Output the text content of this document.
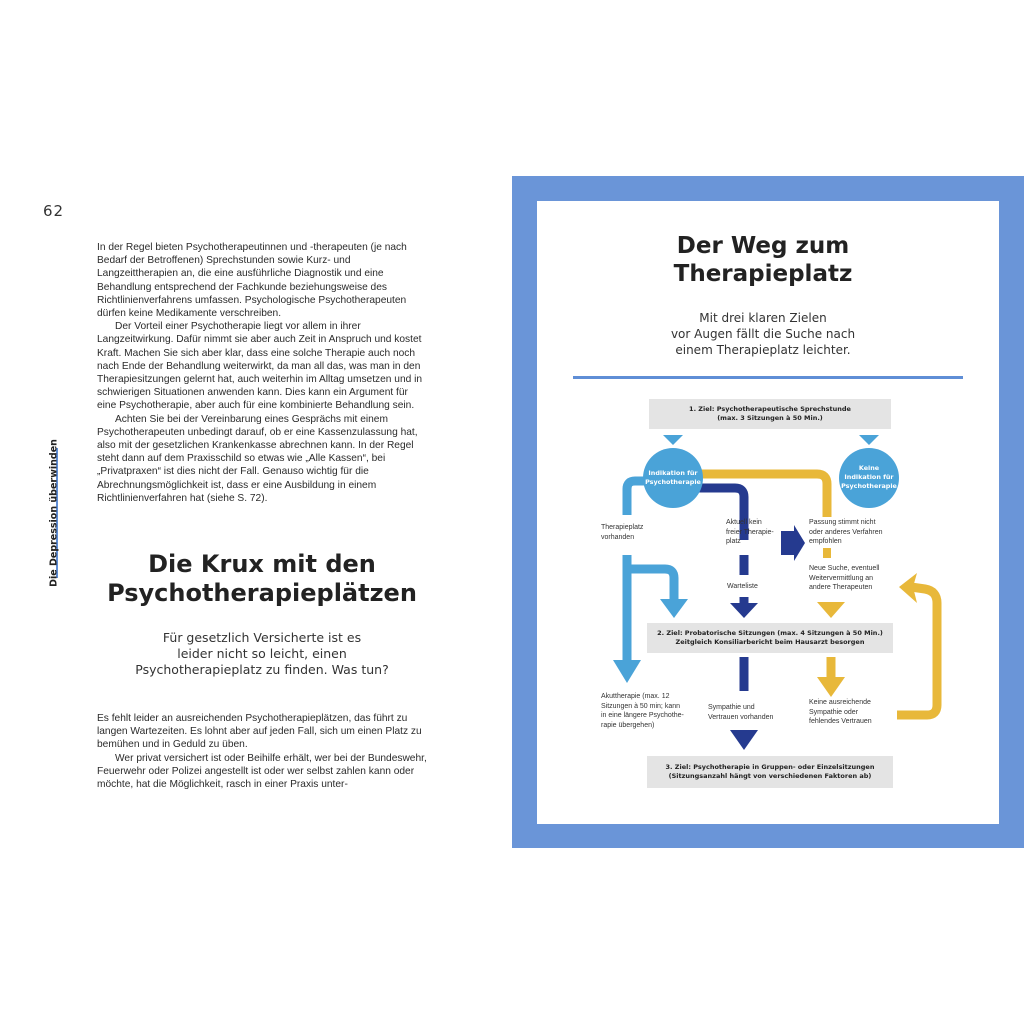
62
Die Depression überwinden

In der Regel bieten Psychotherapeutinnen und -therapeuten (je nach Bedarf der Betroffenen) Sprechstunden sowie Kurz- und Langzeittherapien an, die eine ausführliche Diagnostik und eine Behandlung entsprechend der Fachkunde beziehungsweise des Richtlinienverfahrens umfassen. Psychologische Psychotherapeuten dürfen keine Medikamente verschreiben.

Der Vorteil einer Psychotherapie liegt vor allem in ihrer Langzeitwirkung. Dafür nimmt sie aber auch Zeit in Anspruch und kostet Kraft. Machen Sie sich aber klar, dass eine solche Therapie auch noch nach Ende der Behandlung weiterwirkt, da man all das, was man in den Therapiesitzungen gelernt hat, auch weiterhin im Alltag umsetzen und in schwierigen Situationen anwenden kann. Dies kann ein Argument für eine Psychotherapie, aber auch für eine kombinierte Behandlung sein.

Achten Sie bei der Vereinbarung eines Gesprächs mit einem Psychotherapeuten unbedingt darauf, ob er eine Kassenzulassung hat, also mit der gesetzlichen Krankenkasse abrechnen kann. In der Regel steht dann auf dem Praxisschild so etwas wie „Alle Kassen“, bei „Privatpraxen“ ist dies nicht der Fall. Genauso wichtig für die Abrechnungsmöglichkeit ist, dass er eine Ausbildung in einem Richtlinienverfahren hat (siehe S. 72).

Die Krux mit den
Psychotherapieplätzen
Für gesetzlich Versicherte ist es
leider nicht so leicht, einen
Psychotherapieplatz zu finden. Was tun?

Es fehlt leider an ausreichenden Psychotherapieplätzen, das führt zu langen Wartezeiten. Es lohnt aber auf jeden Fall, sich um einen Platz zu bemühen und in Geduld zu üben.

Wer privat versichert ist oder Beihilfe erhält, wer bei der Bundeswehr, Feuerwehr oder Polizei angestellt ist oder wer selbst zahlen kann oder möchte, hat die Möglichkeit, rasch in einer Praxis unter-

Der Weg zum
Therapieplatz
Mit drei klaren Zielen
vor Augen fällt die Suche nach
einem Therapieplatz leichter.
1. Ziel: Psychotherapeutische Sprechstunde
(max. 3 Sitzungen à 50 Min.)
Indikation für
Psychotherapie
Keine
Indikation für
Psychotherapie
Therapieplatz
vorhanden
Aktuell kein
freier Therapie-
platz
Passung stimmt nicht
oder anderes Verfahren
empfohlen
Warteliste
Neue Suche, eventuell
Weitervermittlung an
andere Therapeuten
2. Ziel: Probatorische Sitzungen (max. 4 Sitzungen à 50 Min.)
Zeitgleich Konsiliarbericht beim Hausarzt besorgen
Akuttherapie (max. 12
Sitzungen à 50 min; kann
in eine längere Psychothe-
rapie übergehen)
Sympathie und
Vertrauen vorhanden
Keine ausreichende
Sympathie oder
fehlendes Vertrauen
3. Ziel: Psychotherapie in Gruppen- oder Einzelsitzungen
(Sitzungsanzahl hängt von verschiedenen Faktoren ab)
